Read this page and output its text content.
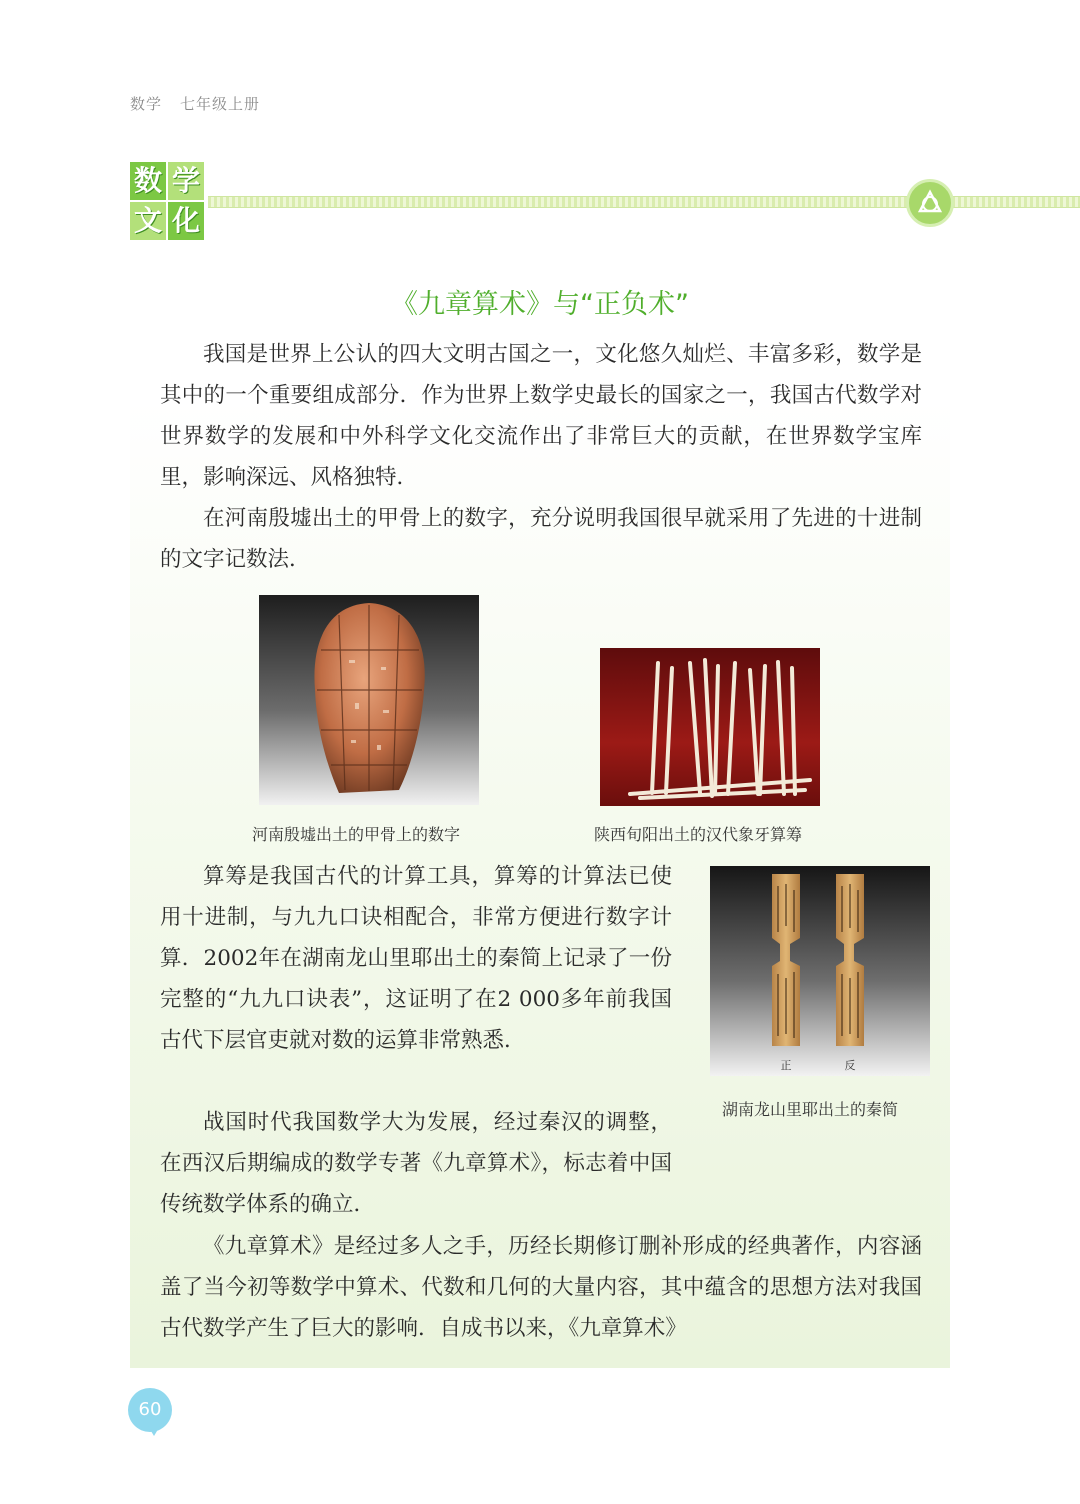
数学 七年级上册
数 学
文 化
《九章算术》与“正负术”

我国是世界上公认的四大文明古国之一，文化悠久灿烂、丰富多彩，数学是其中的一个重要组成部分．作为世界上数学史最长的国家之一，我国古代数学对世界数学的发展和中外科学文化交流作出了非常巨大的贡献，在世界数学宝库里，影响深远、风格独特．

在河南殷墟出土的甲骨上的数字，充分说明我国很早就采用了先进的十进制的文字记数法．

河南殷墟出土的甲骨上的数字	陕西旬阳出土的汉代象牙算筹

算筹是我国古代的计算工具，算筹的计算法已使用十进制，与九九口诀相配合，非常方便进行数字计算．2002年在湖南龙山里耶出土的秦简上记录了一份完整的“九九口诀表”，这证明了在2 000多年前我国古代下层官吏就对数的运算非常熟悉．

正	反
湖南龙山里耶出土的秦简

战国时代我国数学大为发展，经过秦汉的调整，在西汉后期编成的数学专著《九章算术》，标志着中国传统数学体系的确立．

《九章算术》是经过多人之手，历经长期修订删补形成的经典著作，内容涵盖了当今初等数学中算术、代数和几何的大量内容，其中蕴含的思想方法对我国古代数学产生了巨大的影响．自成书以来，《九章算术》

60
